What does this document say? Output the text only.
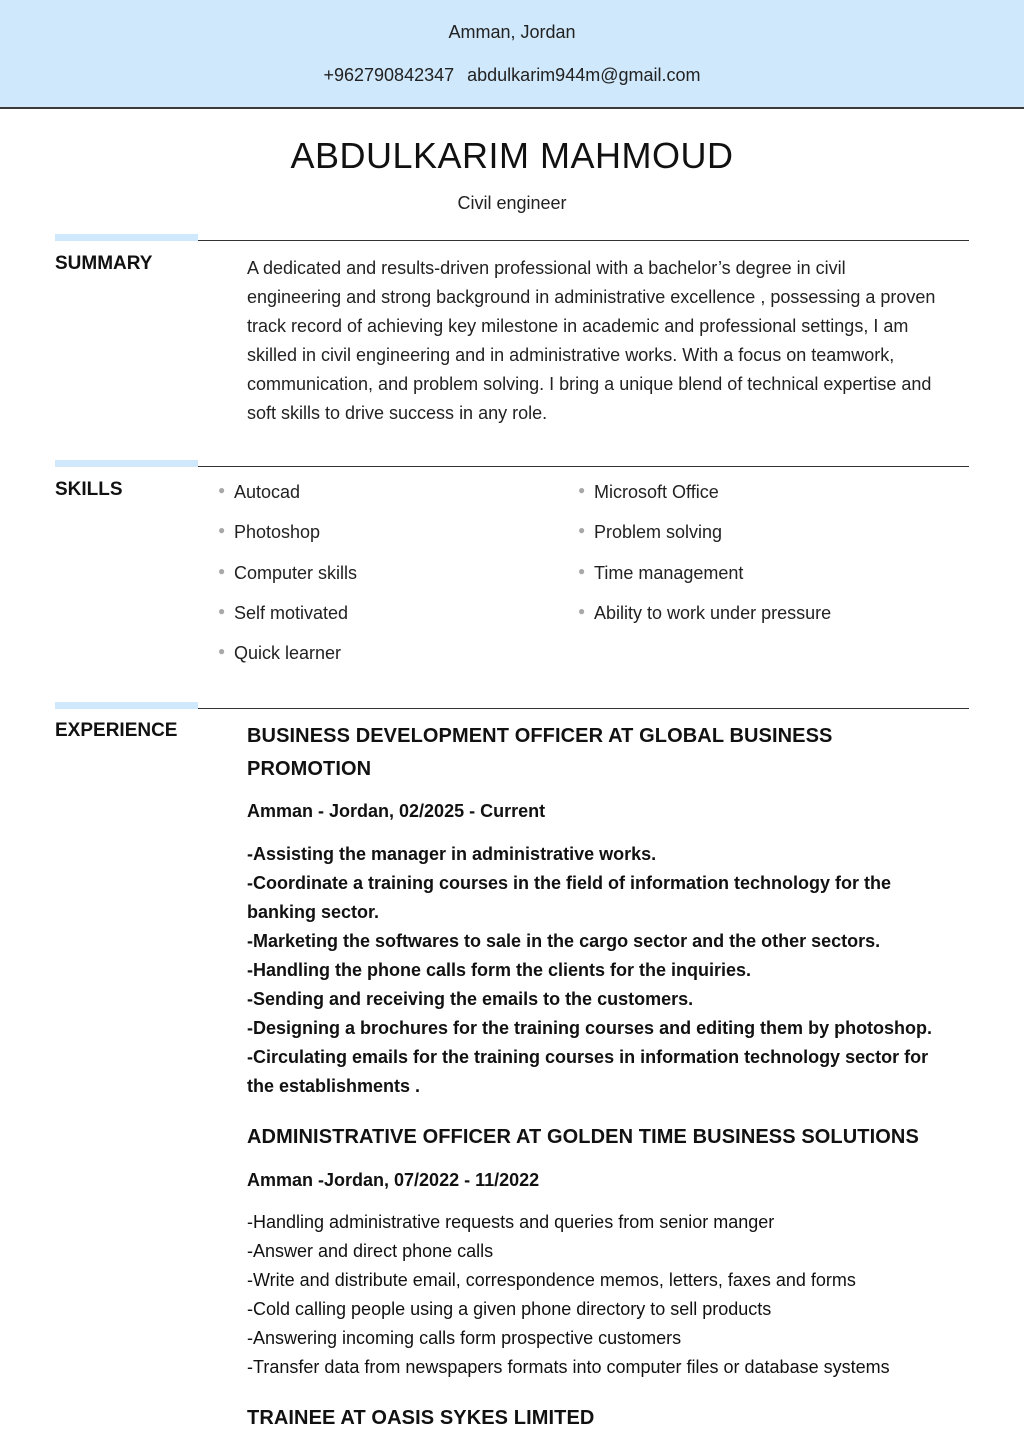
Amman, Jordan
+962790842347 abdulkarim944m@gmail.com
ABDULKARIM MAHMOUD
Civil engineer
SUMMARY	A dedicated and results-driven professional with a bachelor’s degree in civil
engineering and strong background in administrative excellence , possessing a proven
track record of achieving key milestone in academic and professional settings, I am
skilled in civil engineering and in administrative works. With a focus on teamwork,
communication, and problem solving. I bring a unique blend of technical expertise and
soft skills to drive success in any role.
SKILLS	● Autocad
● Photoshop
● Computer skills
● Self motivated
● Quick learner
● Microsoft Office
● Problem solving
● Time management
● Ability to work under pressure
EXPERIENCE	BUSINESS DEVELOPMENT OFFICER AT GLOBAL BUSINESS
PROMOTION
Amman - Jordan, 02/2025 - Current
-Assisting the manager in administrative works.
-Coordinate a training courses in the field of information technology for the
banking sector.
-Marketing the softwares to sale in the cargo sector and the other sectors.
-Handling the phone calls form the clients for the inquiries.
-Sending and receiving the emails to the customers.
-Designing a brochures for the training courses and editing them by photoshop.
-Circulating emails for the training courses in information technology sector for
the establishments .
ADMINISTRATIVE OFFICER AT GOLDEN TIME BUSINESS SOLUTIONS
Amman -Jordan, 07/2022 - 11/2022
-Handling administrative requests and queries from senior manger
-Answer and direct phone calls
-Write and distribute email, correspondence memos, letters, faxes and forms
-Cold calling people using a given phone directory to sell products
-Answering incoming calls form prospective customers
-Transfer data from newspapers formats into computer files or database systems
TRAINEE AT OASIS SYKES LIMITED
